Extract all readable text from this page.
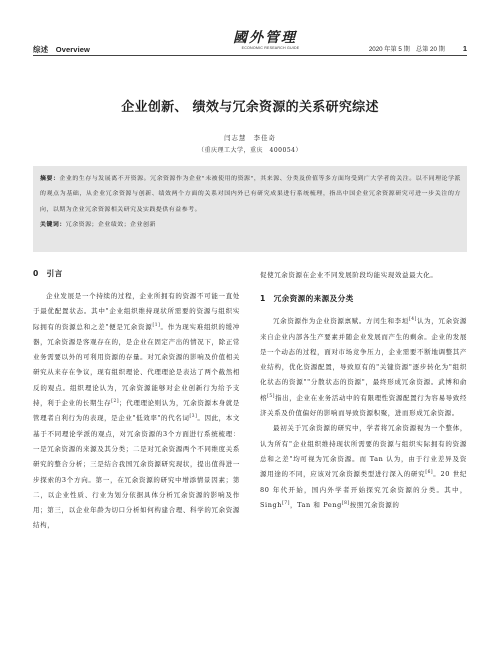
综述　Overview
國外管理
ECONOMIC RESEARCH GUIDE	2020 年第 5 期　总第 20 期 1
企业创新、 绩效与冗余资源的关系研究综述
闫志慧　李佳奇
（重庆理工大学，重庆　400054）

摘要：企业的生存与发展离不开资源。冗余资源作为企业"未被使用的资源"，其来源、分类及价值等多方面均受到广大学者的关注。以不同理论学派的观点为基础，从企业冗余资源与创新、绩效两个方面的关系对国内外已有研究成果进行系统梳理，指出中国企业冗余资源研究可进一步关注的方向，以期为企业冗余资源相关研究及实践提供有益参考。

关键词：冗余资源；企业绩效；企业创新

0　引言

企业发展是一个持续的过程，企业所拥有的资源不可能一直处于最优配置状态。其中"企业组织维持现状所需要的资源与组织实际拥有的资源总和之差"便是冗余资源[1]。作为现实难组织的缓冲器，冗余资源是客观存在的，是企业在固定产出的情况下，除正常业务需要以外的可利用资源的存量。对冗余资源的影响及价值相关研究从来存在争议，现有组织理论、代理理论是表达了两个截然相反的观点。组织理论认为，冗余资源能够对企业创新行为给予支持，利于企业的长期生存[2]；代理理论则认为，冗余资源本身就是管理者自利行为的表现，是企业"低效率"的代名词[3]。因此，本文基于不同理论学派的观点，对冗余资源的3个方面进行系统梳理：一是冗余资源的来源及其分类；二是对冗余资源两个不同维度关系研究的整合分析；三是结合我国冗余资源研究现状，提出值得进一步探索的3个方向。第一，在冗余资源的研究中增添情景因素；第二，以企业性质、行业为划分依据具体分析冗余资源的影响及作用；第三，以企业年龄为切口分析如何构建合理、科学的冗余资源结构，

促使冗余资源在企业不同发展阶段均能实现效益最大化。

1　冗余资源的来源及分类

冗余资源作为企业资源禀赋。方闰生和李垣[4]认为，冗余资源来自企业内部各生产要素并随企业发展而产生的剩余。企业的发展是一个动态的过程，面对市场竞争压力，企业需要不断地调整其产业结构，优化资源配置，导致原有的"关键资源"逐步转化为"组织化状态的资源""分散状态的资源"，最终形成冗余资源。武博和俞榕[5]指出，企业在业务活动中的有限理性资源配置行为容易导致经济关系及价值偏好的影响而导致资源积聚，进而形成冗余资源。

最初关于冗余资源的研究中，学者将冗余资源视为一个整体，认为所有"企业组织维持现状所需要的资源与组织实际拥有的资源总和之差"均可视为冗余资源。而 Tan 认为，由于行业差异及资源用途的不同，应该对冗余资源类型进行深入的研究[6]。20 世纪 80 年代开始，国内外学者开始探究冗余资源的分类。其中，Singh[7]，Tan 和 Peng[8]按照冗余资源的
